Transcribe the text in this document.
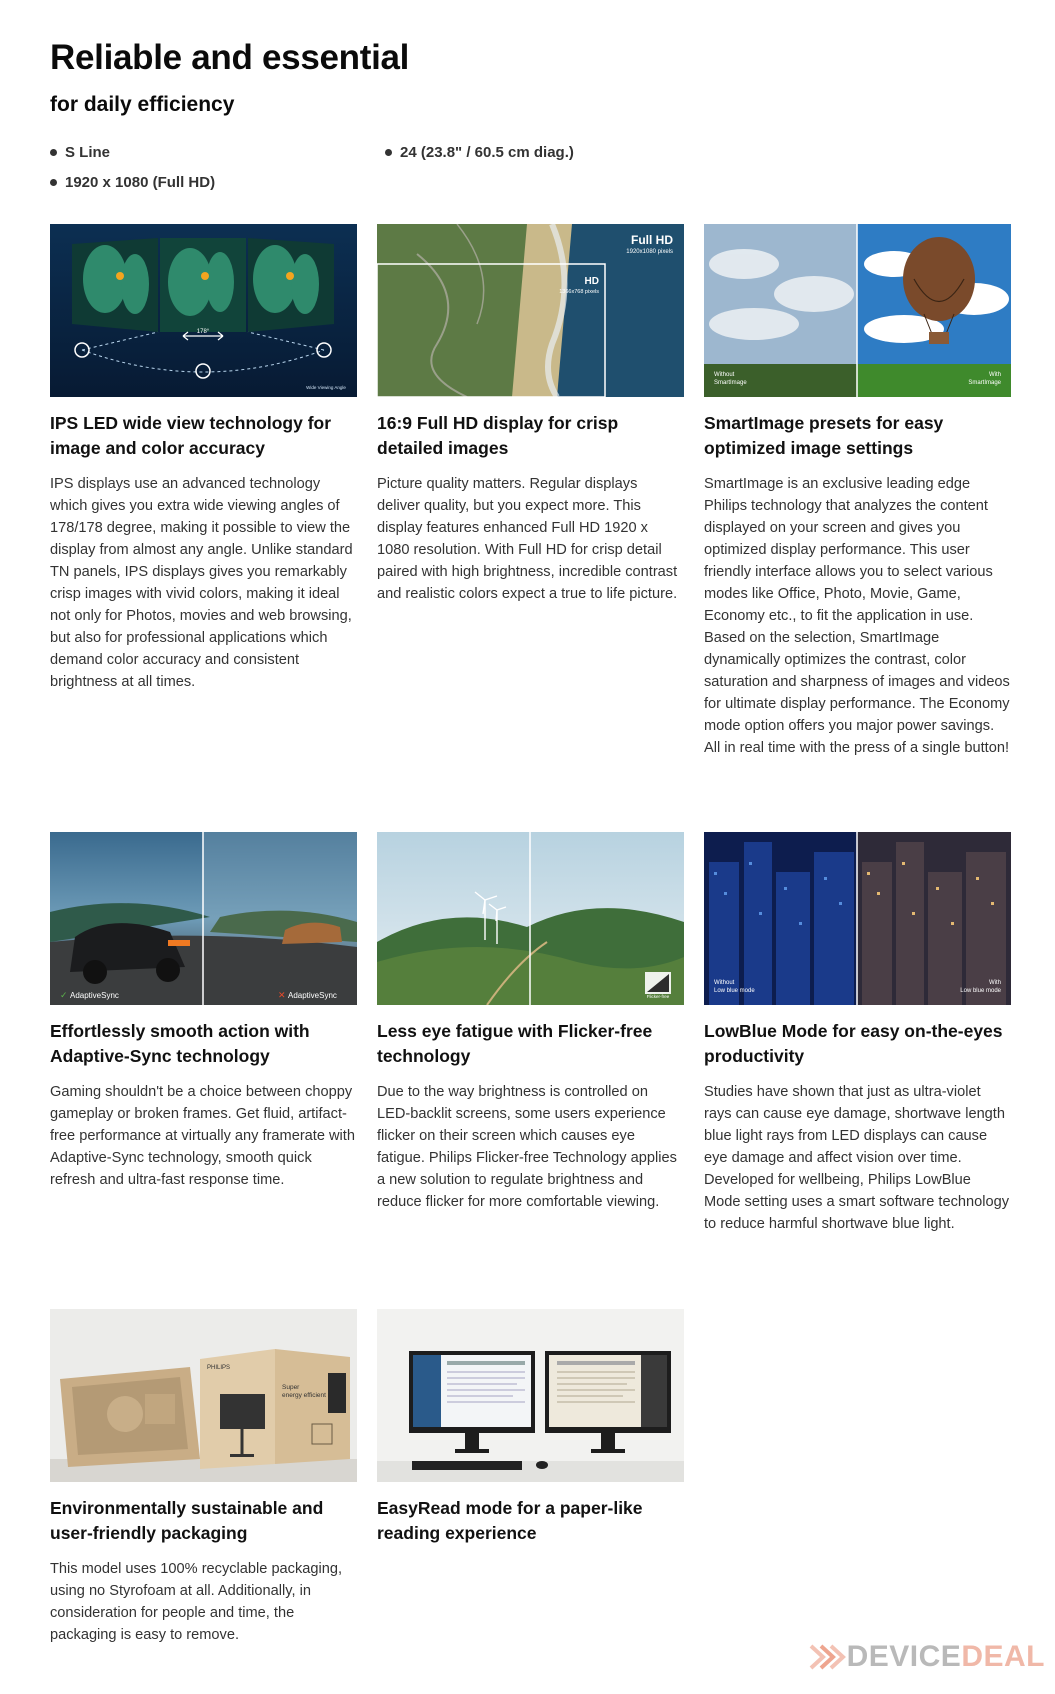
Reliable and essential
for daily efficiency
S Line	24 (23.8" / 60.5 cm diag.)
1920 x 1080 (Full HD)
178°
Wide Viewing Angle
IPS LED wide view technology for image and color accuracy

IPS displays use an advanced technology which gives you extra wide viewing angles of 178/178 degree, making it possible to view the display from almost any angle. Unlike standard TN panels, IPS displays gives you remarkably crisp images with vivid colors, making it ideal not only for Photos, movies and web browsing, but also for professional applications which demand color accuracy and consistent brightness at all times.

Full HD
1920x1080 pixels
HD
1366x768 pixels
16:9 Full HD display for crisp detailed images

Picture quality matters. Regular displays deliver quality, but you expect more. This display features enhanced Full HD 1920 x 1080 resolution. With Full HD for crisp detail paired with high brightness, incredible contrast and realistic colors expect a true to life picture.

Without
SmartImage
With
SmartImage
SmartImage presets for easy optimized image settings

SmartImage is an exclusive leading edge Philips technology that analyzes the content displayed on your screen and gives you optimized display performance. This user friendly interface allows you to select various modes like Office, Photo, Movie, Game, Economy etc., to fit the application in use. Based on the selection, SmartImage dynamically optimizes the contrast, color saturation and sharpness of images and videos for ultimate display performance. The Economy mode option offers you major power savings. All in real time with the press of a single button!

✓ AdaptiveSync	✕ AdaptiveSync
Effortlessly smooth action with Adaptive-Sync technology

Gaming shouldn't be a choice between choppy gameplay or broken frames. Get fluid, artifact-free performance at virtually any framerate with Adaptive-Sync technology, smooth quick refresh and ultra-fast response time.

Flicker-free
Less eye fatigue with Flicker-free technology

Due to the way brightness is controlled on LED-backlit screens, some users experience flicker on their screen which causes eye fatigue. Philips Flicker-free Technology applies a new solution to regulate brightness and reduce flicker for more comfortable viewing.

Without
Low blue mode
With
Low blue mode
LowBlue Mode for easy on-the-eyes productivity

Studies have shown that just as ultra-violet rays can cause eye damage, shortwave length blue light rays from LED displays can cause eye damage and affect vision over time. Developed for wellbeing, Philips LowBlue Mode setting uses a smart software technology to reduce harmful shortwave blue light.

PHILIPS
Super
energy efficient
Environmentally sustainable and user-friendly packaging

This model uses 100% recyclable packaging, using no Styrofoam at all. Additionally, in consideration for people and time, the packaging is easy to remove.

EasyRead mode for a paper-like reading experience
DEVICEDEAL
